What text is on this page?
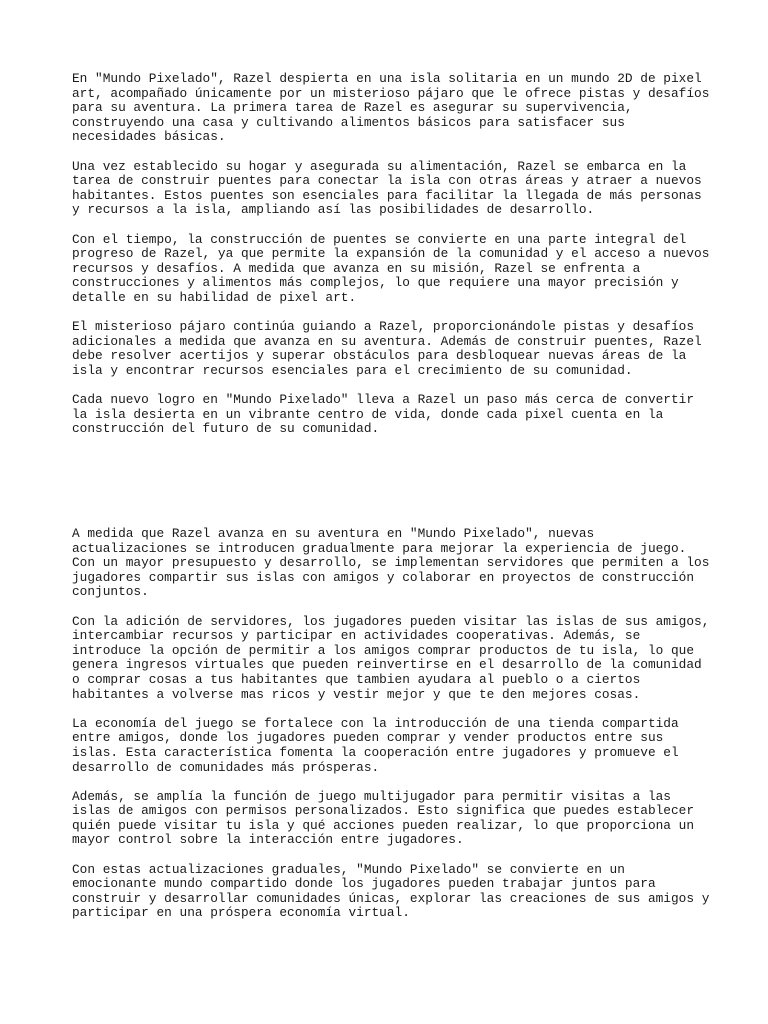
En "Mundo Pixelado", Razel despierta en una isla solitaria en un mundo 2D de pixel
art, acompañado únicamente por un misterioso pájaro que le ofrece pistas y desafíos
para su aventura. La primera tarea de Razel es asegurar su supervivencia,
construyendo una casa y cultivando alimentos básicos para satisfacer sus
necesidades básicas.

Una vez establecido su hogar y asegurada su alimentación, Razel se embarca en la
tarea de construir puentes para conectar la isla con otras áreas y atraer a nuevos
habitantes. Estos puentes son esenciales para facilitar la llegada de más personas
y recursos a la isla, ampliando así las posibilidades de desarrollo.

Con el tiempo, la construcción de puentes se convierte en una parte integral del
progreso de Razel, ya que permite la expansión de la comunidad y el acceso a nuevos
recursos y desafíos. A medida que avanza en su misión, Razel se enfrenta a
construcciones y alimentos más complejos, lo que requiere una mayor precisión y
detalle en su habilidad de pixel art.

El misterioso pájaro continúa guiando a Razel, proporcionándole pistas y desafíos
adicionales a medida que avanza en su aventura. Además de construir puentes, Razel
debe resolver acertijos y superar obstáculos para desbloquear nuevas áreas de la
isla y encontrar recursos esenciales para el crecimiento de su comunidad.

Cada nuevo logro en "Mundo Pixelado" lleva a Razel un paso más cerca de convertir
la isla desierta en un vibrante centro de vida, donde cada pixel cuenta en la
construcción del futuro de su comunidad.

A medida que Razel avanza en su aventura en "Mundo Pixelado", nuevas
actualizaciones se introducen gradualmente para mejorar la experiencia de juego.
Con un mayor presupuesto y desarrollo, se implementan servidores que permiten a los
jugadores compartir sus islas con amigos y colaborar en proyectos de construcción
conjuntos.

Con la adición de servidores, los jugadores pueden visitar las islas de sus amigos,
intercambiar recursos y participar en actividades cooperativas. Además, se
introduce la opción de permitir a los amigos comprar productos de tu isla, lo que
genera ingresos virtuales que pueden reinvertirse en el desarrollo de la comunidad
o comprar cosas a tus habitantes que tambien ayudara al pueblo o a ciertos
habitantes a volverse mas ricos y vestir mejor y que te den mejores cosas.

La economía del juego se fortalece con la introducción de una tienda compartida
entre amigos, donde los jugadores pueden comprar y vender productos entre sus
islas. Esta característica fomenta la cooperación entre jugadores y promueve el
desarrollo de comunidades más prósperas.

Además, se amplía la función de juego multijugador para permitir visitas a las
islas de amigos con permisos personalizados. Esto significa que puedes establecer
quién puede visitar tu isla y qué acciones pueden realizar, lo que proporciona un
mayor control sobre la interacción entre jugadores.

Con estas actualizaciones graduales, "Mundo Pixelado" se convierte en un
emocionante mundo compartido donde los jugadores pueden trabajar juntos para
construir y desarrollar comunidades únicas, explorar las creaciones de sus amigos y
participar en una próspera economía virtual.
